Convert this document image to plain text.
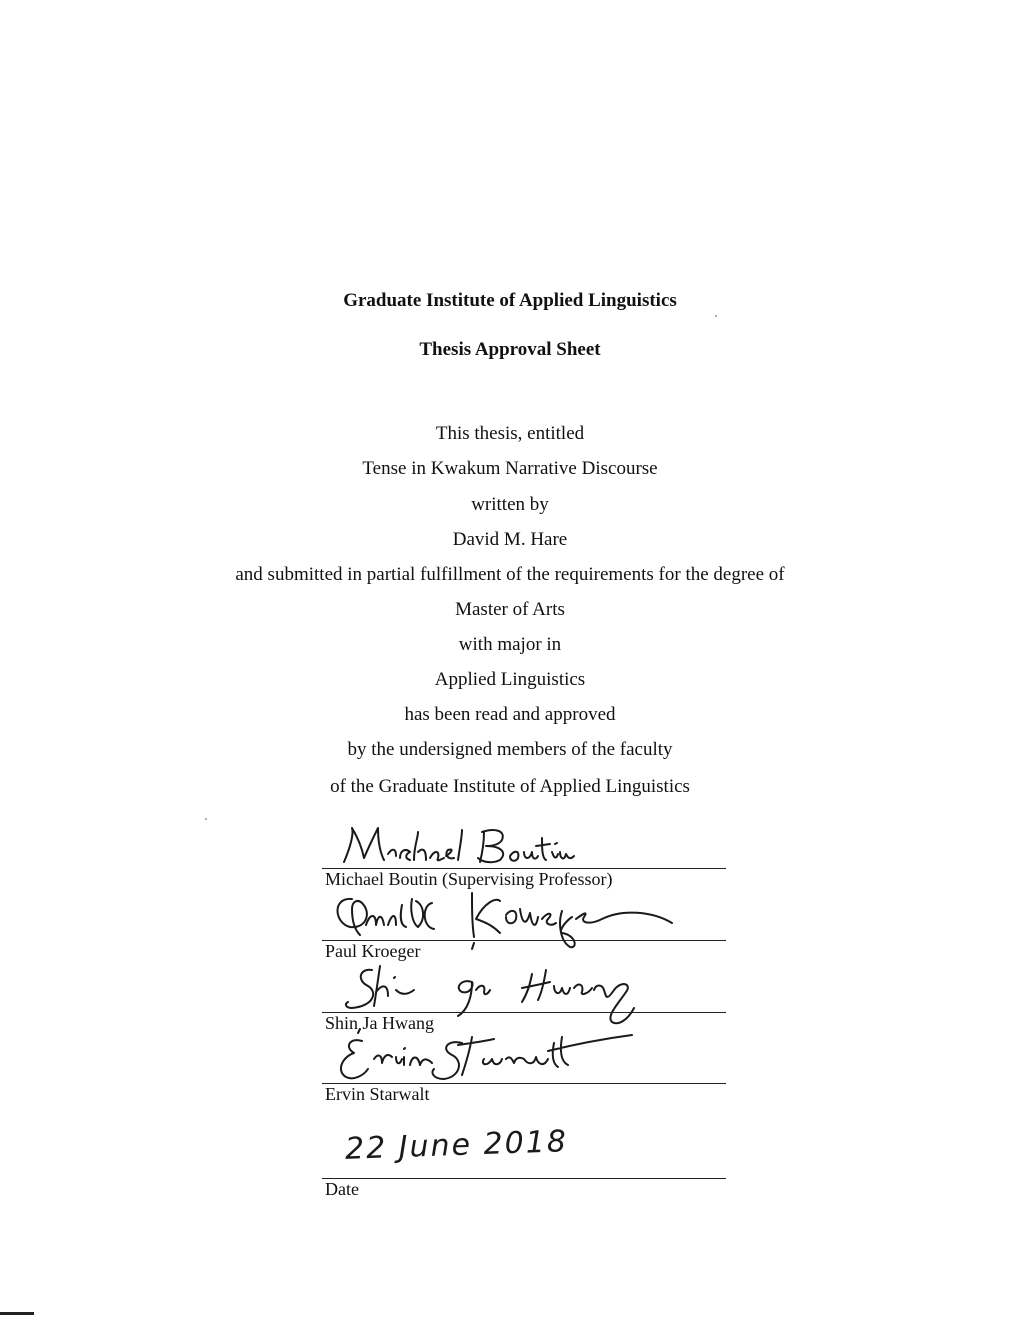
Graduate Institute of Applied Linguistics
Thesis Approval Sheet
This thesis, entitled
Tense in Kwakum Narrative Discourse
written by
David M. Hare
and submitted in partial fulfillment of the requirements for the degree of
Master of Arts
with major in
Applied Linguistics
has been read and approved
by the undersigned members of the faculty
of the Graduate Institute of Applied Linguistics
Michael Boutin (Supervising Professor)
Paul Kroeger
Shin Ja Hwang
Ervin Starwalt
22 June 2018
Date
